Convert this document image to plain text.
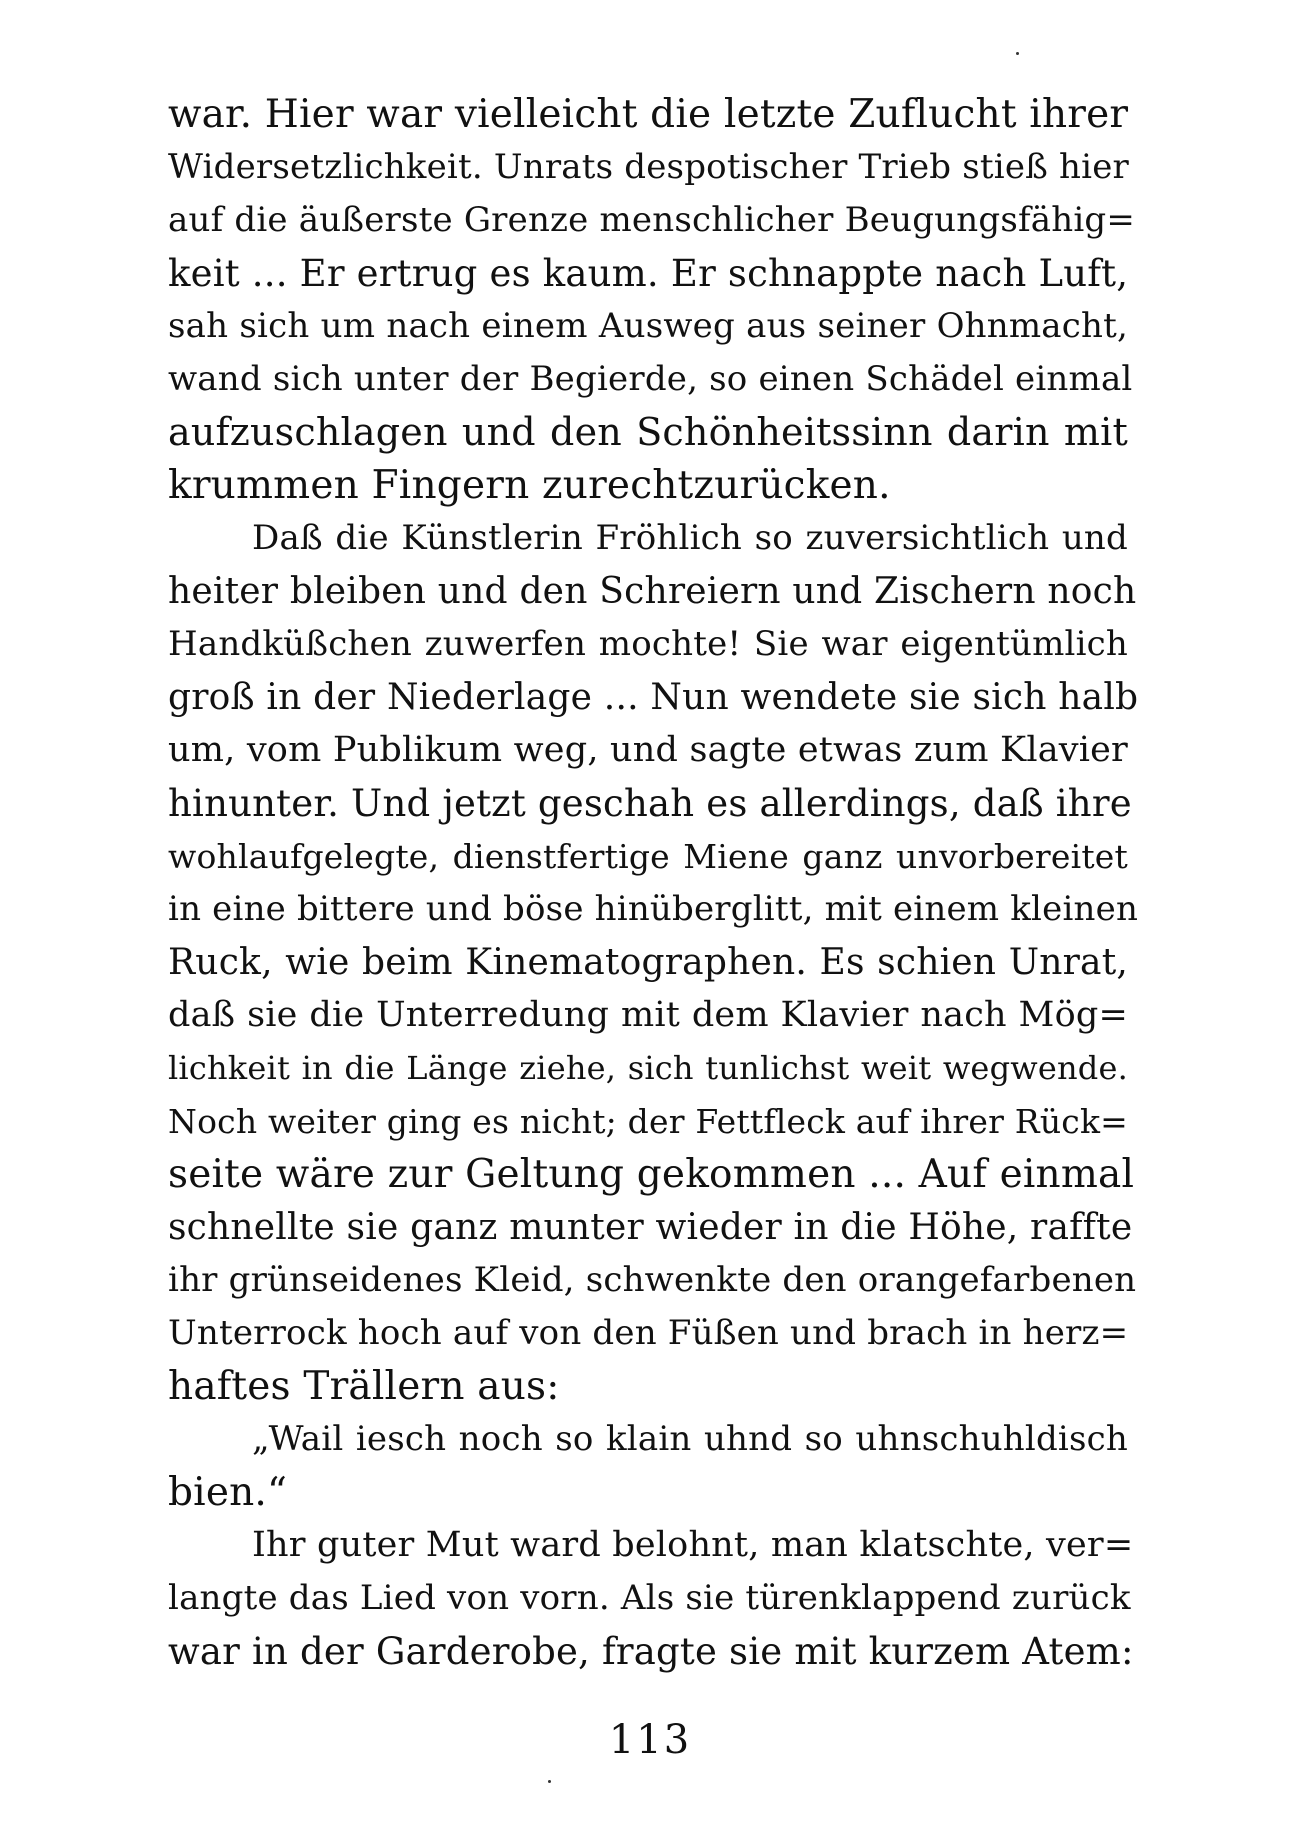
war. Hier war vielleicht die letzte Zuflucht ihrer
Widersetzlichkeit. Unrats despotischer Trieb stieß hier
auf die äußerste Grenze menschlicher Beugungsfähig=
keit ... Er ertrug es kaum. Er schnappte nach Luft,
sah sich um nach einem Ausweg aus seiner Ohnmacht,
wand sich unter der Begierde, so einen Schädel einmal
aufzuschlagen und den Schönheitssinn darin mit
krummen Fingern zurechtzurücken.
Daß die Künstlerin Fröhlich so zuversichtlich und
heiter bleiben und den Schreiern und Zischern noch
Handküßchen zuwerfen mochte! Sie war eigentümlich
groß in der Niederlage ... Nun wendete sie sich halb
um, vom Publikum weg, und sagte etwas zum Klavier
hinunter. Und jetzt geschah es allerdings, daß ihre
wohlaufgelegte, dienstfertige Miene ganz unvorbereitet
in eine bittere und böse hinüberglitt, mit einem kleinen
Ruck, wie beim Kinematographen. Es schien Unrat,
daß sie die Unterredung mit dem Klavier nach Mög=
lichkeit in die Länge ziehe, sich tunlichst weit wegwende.
Noch weiter ging es nicht; der Fettfleck auf ihrer Rück=
seite wäre zur Geltung gekommen ... Auf einmal
schnellte sie ganz munter wieder in die Höhe, raffte
ihr grünseidenes Kleid, schwenkte den orangefarbenen
Unterrock hoch auf von den Füßen und brach in herz=
haftes Trällern aus:
„Wail iesch noch so klain uhnd so uhnschuhldisch
bien.“
Ihr guter Mut ward belohnt, man klatschte, ver=
langte das Lied von vorn. Als sie türenklappend zurück
war in der Garderobe, fragte sie mit kurzem Atem:
113
